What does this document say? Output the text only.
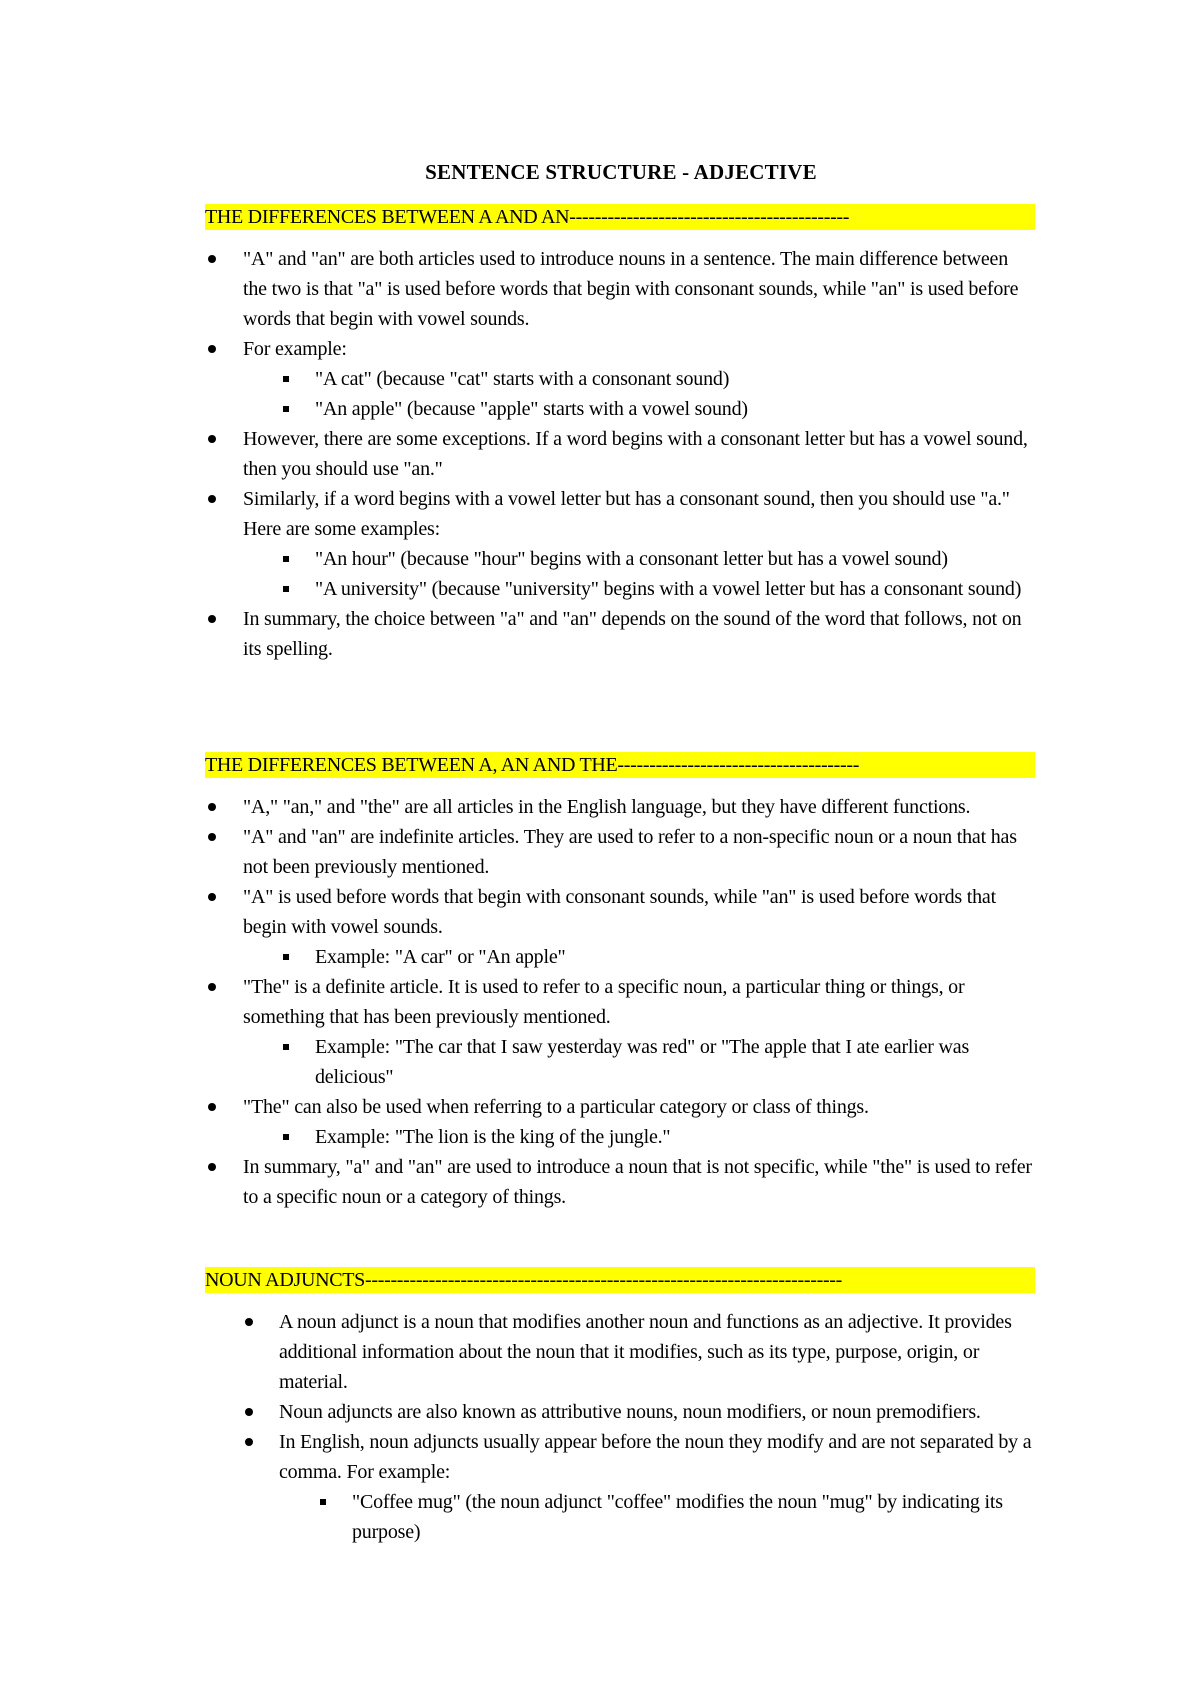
SENTENCE STRUCTURE - ADJECTIVE
THE DIFFERENCES BETWEEN A AND AN--------------------------------------------
"A" and "an" are both articles used to introduce nouns in a sentence. The main difference between the two is that "a" is used before words that begin with consonant sounds, while "an" is used before words that begin with vowel sounds.
For example:
"A cat" (because "cat" starts with a consonant sound)
"An apple" (because "apple" starts with a vowel sound)
However, there are some exceptions. If a word begins with a consonant letter but has a vowel sound, then you should use "an."
Similarly, if a word begins with a vowel letter but has a consonant sound, then you should use "a." Here are some examples:
"An hour" (because "hour" begins with a consonant letter but has a vowel sound)
"A university" (because "university" begins with a vowel letter but has a consonant sound)
In summary, the choice between "a" and "an" depends on the sound of the word that follows, not on its spelling.
THE DIFFERENCES BETWEEN A, AN AND THE--------------------------------------
"A," "an," and "the" are all articles in the English language, but they have different functions.
"A" and "an" are indefinite articles. They are used to refer to a non-specific noun or a noun that has not been previously mentioned.
"A" is used before words that begin with consonant sounds, while "an" is used before words that begin with vowel sounds.
Example: "A car" or "An apple"
"The" is a definite article. It is used to refer to a specific noun, a particular thing or things, or something that has been previously mentioned.
Example: "The car that I saw yesterday was red" or "The apple that I ate earlier was delicious"
"The" can also be used when referring to a particular category or class of things.
Example: "The lion is the king of the jungle."
In summary, "a" and "an" are used to introduce a noun that is not specific, while "the" is used to refer to a specific noun or a category of things.
NOUN ADJUNCTS---------------------------------------------------------------------------
A noun adjunct is a noun that modifies another noun and functions as an adjective. It provides additional information about the noun that it modifies, such as its type, purpose, origin, or material.
Noun adjuncts are also known as attributive nouns, noun modifiers, or noun premodifiers.
In English, noun adjuncts usually appear before the noun they modify and are not separated by a comma. For example:
"Coffee mug" (the noun adjunct "coffee" modifies the noun "mug" by indicating its purpose)
